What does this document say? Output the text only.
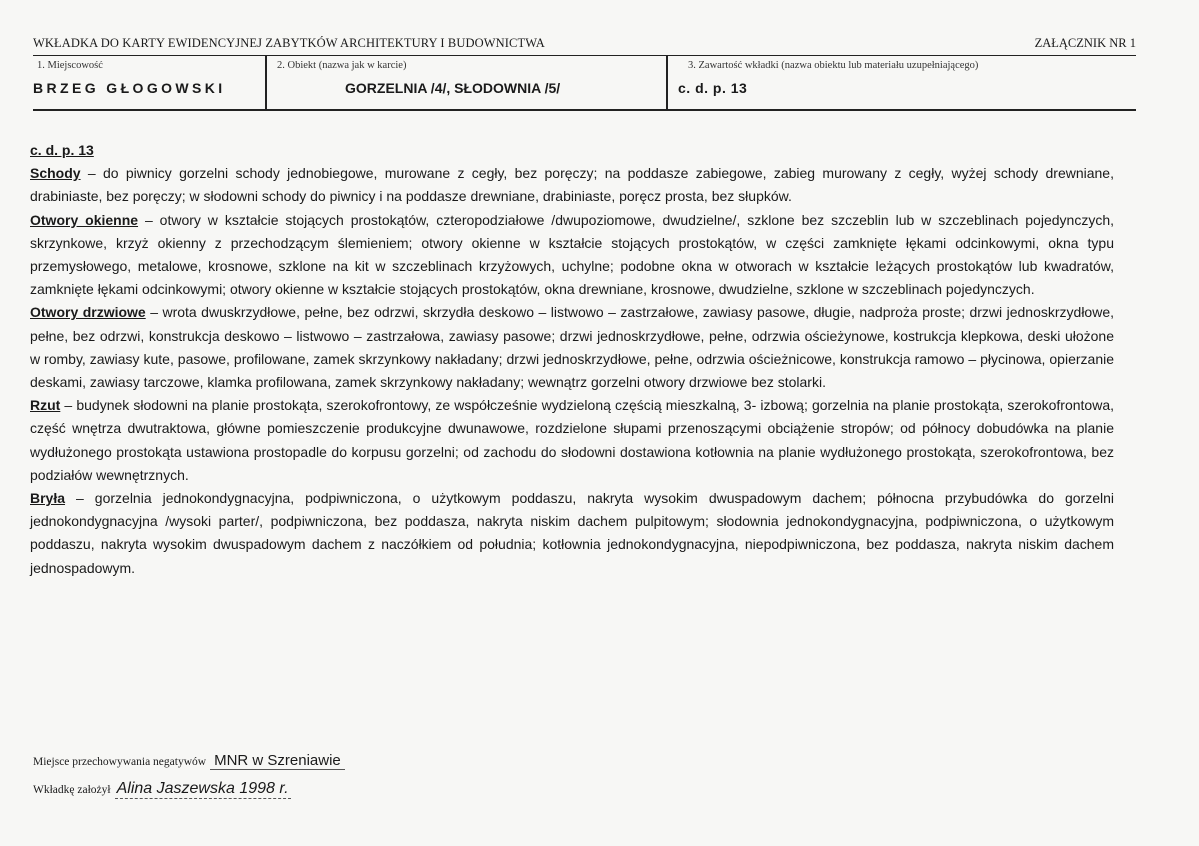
WKŁADKA DO KARTY EWIDENCYJNEJ ZABYTKÓW ARCHITEKTURY I BUDOWNICTWA	ZAŁĄCZNIK NR 1
1. Miejscowość
BRZEG GŁOGOWSKI
2. Obiekt (nazwa jak w karcie)
GORZELNIA /4/, SŁODOWNIA /5/
3. Zawartość wkładki (nazwa obiektu lub materiału uzupełniającego)
c. d. p. 13

c. d. p. 13

Schody – do piwnicy gorzelni schody jednobiegowe, murowane z cegły, bez poręczy; na poddasze zabiegowe, zabieg murowany z cegły, wyżej schody drewniane, drabiniaste, bez poręczy; w słodowni schody do piwnicy i na poddasze drewniane, drabiniaste, poręcz prosta, bez słupków.

Otwory okienne – otwory w kształcie stojących prostokątów, czteropodziałowe /dwupoziomowe, dwudzielne/, szklone bez szczeblin lub w szczeblinach pojedynczych, skrzynkowe, krzyż okienny z przechodzącym ślemieniem; otwory okienne w kształcie stojących prostokątów, w części zamknięte łękami odcinkowymi, okna typu przemysłowego, metalowe, krosnowe, szklone na kit w szczeblinach krzyżowych, uchylne; podobne okna w otworach w kształcie leżących prostokątów lub kwadratów, zamknięte łękami odcinkowymi; otwory okienne w kształcie stojących prostokątów, okna drewniane, krosnowe, dwudzielne, szklone w szczeblinach pojedynczych.

Otwory drzwiowe – wrota dwuskrzydłowe, pełne, bez odrzwi, skrzydła deskowo – listwowo – zastrzałowe, zawiasy pasowe, długie, nadproża proste; drzwi jednoskrzydłowe, pełne, bez odrzwi, konstrukcja deskowo – listwowo – zastrzałowa, zawiasy pasowe; drzwi jednoskrzydłowe, pełne, odrzwia ościeżynowe, kostrukcja klepkowa, deski ułożone w romby, zawiasy kute, pasowe, profilowane, zamek skrzynkowy nakładany; drzwi jednoskrzydłowe, pełne, odrzwia ościeżnicowe, konstrukcja ramowo – płycinowa, opierzanie deskami, zawiasy tarczowe, klamka profilowana, zamek skrzynkowy nakładany; wewnątrz gorzelni otwory drzwiowe bez stolarki.

Rzut – budynek słodowni na planie prostokąta, szerokofrontowy, ze współcześnie wydzieloną częścią mieszkalną, 3- izbową; gorzelnia na planie prostokąta, szerokofrontowa, część wnętrza dwutraktowa, główne pomieszczenie produkcyjne dwunawowe, rozdzielone słupami przenoszącymi obciążenie stropów; od północy dobudówka na planie wydłużonego prostokąta ustawiona prostopadle do korpusu gorzelni; od zachodu do słodowni dostawiona kotłownia na planie wydłużonego prostokąta, szerokofrontowa, bez podziałów wewnętrznych.

Bryła – gorzelnia jednokondygnacyjna, podpiwniczona, o użytkowym poddaszu, nakryta wysokim dwuspadowym dachem; północna przybudówka do gorzelni jednokondygnacyjna /wysoki parter/, podpiwniczona, bez poddasza, nakryta niskim dachem pulpitowym; słodownia jednokondygnacyjna, podpiwniczona, o użytkowym poddaszu, nakryta wysokim dwuspadowym dachem z naczółkiem od południa; kotłownia jednokondygnacyjna, niepodpiwniczona, bez poddasza, nakryta niskim dachem jednospadowym.

Miejsce przechowywania negatywów MNR w Szreniawie
Wkładkę założył Alina Jaszewska 1998 r.
